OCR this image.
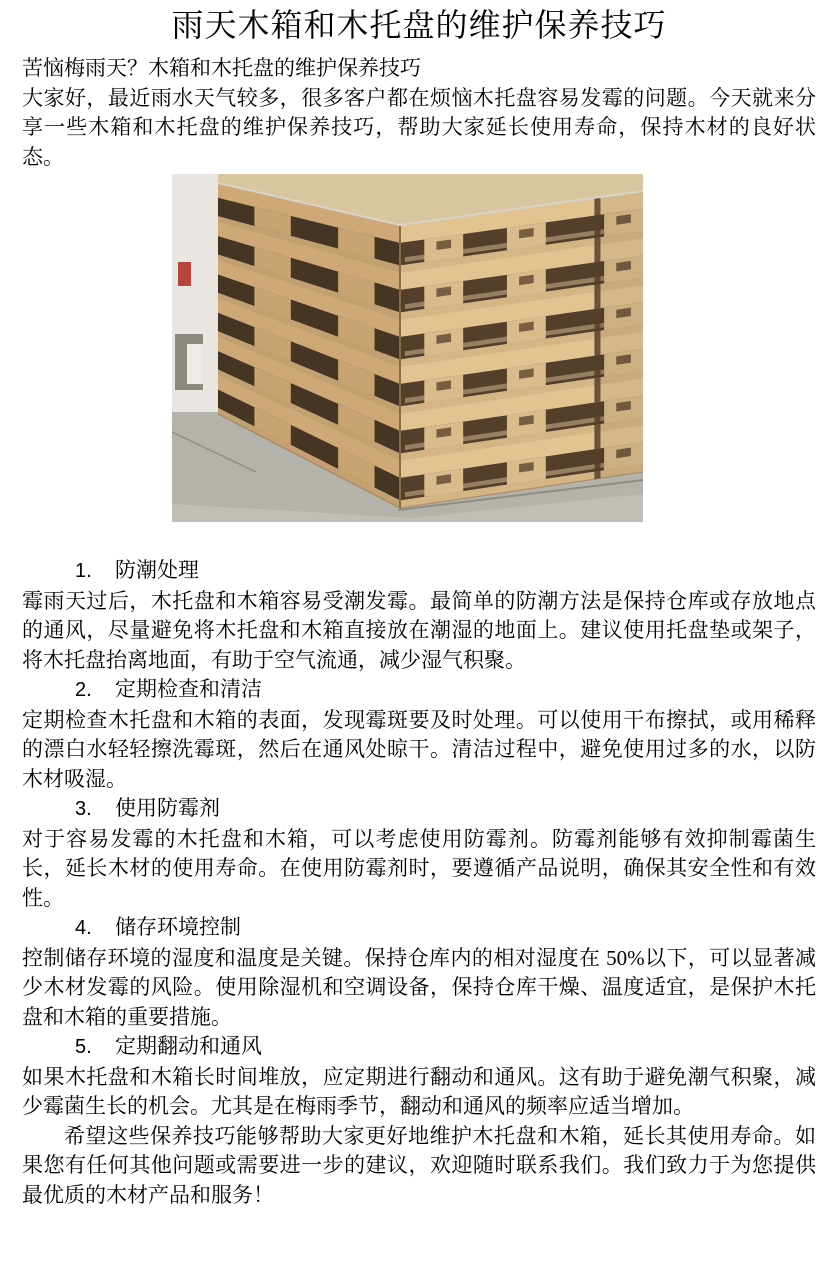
雨天木箱和木托盘的维护保养技巧

苦恼梅雨天？木箱和木托盘的维护保养技巧

大家好，最近雨水天气较多，很多客户都在烦恼木托盘容易发霉的问题。今天就来分享一些木箱和木托盘的维护保养技巧，帮助大家延长使用寿命，保持木材的良好状态。

1. 防潮处理

霉雨天过后，木托盘和木箱容易受潮发霉。最简单的防潮方法是保持仓库或存放地点的通风，尽量避免将木托盘和木箱直接放在潮湿的地面上。建议使用托盘垫或架子，将木托盘抬离地面，有助于空气流通，减少湿气积聚。

2. 定期检查和清洁

定期检查木托盘和木箱的表面，发现霉斑要及时处理。可以使用干布擦拭，或用稀释的漂白水轻轻擦洗霉斑，然后在通风处晾干。清洁过程中，避免使用过多的水，以防木材吸湿。

3. 使用防霉剂

对于容易发霉的木托盘和木箱，可以考虑使用防霉剂。防霉剂能够有效抑制霉菌生长，延长木材的使用寿命。在使用防霉剂时，要遵循产品说明，确保其安全性和有效性。

4. 储存环境控制

控制储存环境的湿度和温度是关键。保持仓库内的相对湿度在 50%以下，可以显著减少木材发霉的风险。使用除湿机和空调设备，保持仓库干燥、温度适宜，是保护木托盘和木箱的重要措施。

5. 定期翻动和通风

如果木托盘和木箱长时间堆放，应定期进行翻动和通风。这有助于避免潮气积聚，减少霉菌生长的机会。尤其是在梅雨季节，翻动和通风的频率应适当增加。

希望这些保养技巧能够帮助大家更好地维护木托盘和木箱，延长其使用寿命。如果您有任何其他问题或需要进一步的建议，欢迎随时联系我们。我们致力于为您提供最优质的木材产品和服务！
